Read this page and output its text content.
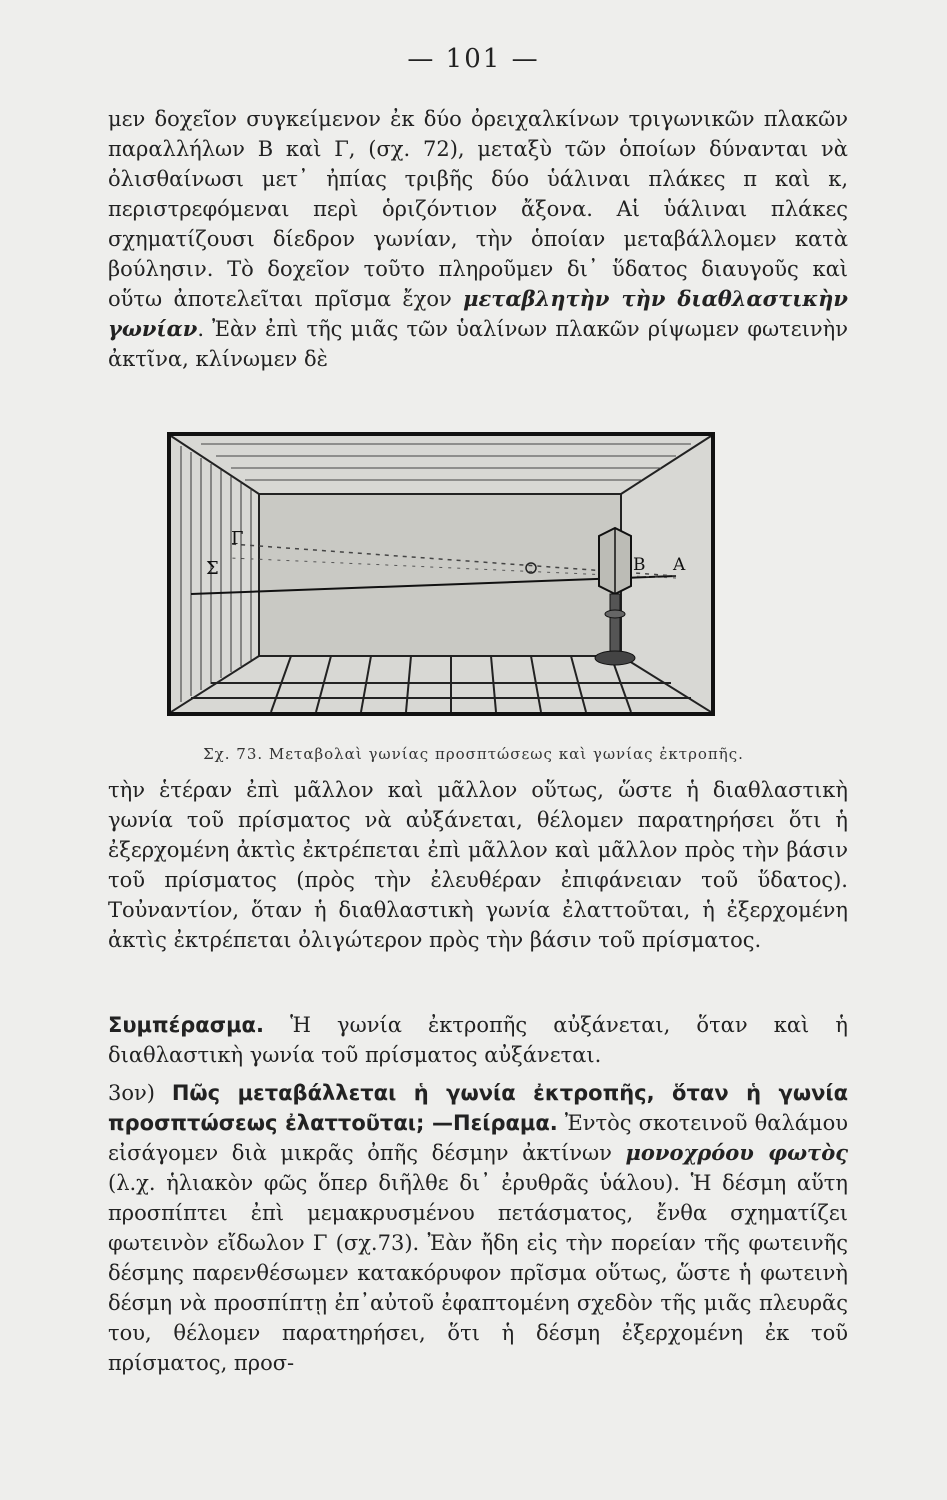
— 101 —

μεν δοχεῖον συγκείμενον ἐκ δύο ὀρειχαλκίνων τριγωνικῶν πλακῶν παραλλήλων Β καὶ Γ, (σχ. 72), μεταξὺ τῶν ὁποίων δύνανται νὰ ὀλισθαίνωσι μετ᾽ ἠπίας τριβῆς δύο ὑάλιναι πλάκες π καὶ κ, περιστρεφόμεναι περὶ ὁριζόντιον ἄξονα. Αἱ ὑάλιναι πλάκες σχηματίζουσι δίεδρον γωνίαν, τὴν ὁποίαν μεταβάλλομεν κατὰ βούλησιν. Τὸ δοχεῖον τοῦτο πληροῦμεν δι᾽ ὕδατος διαυγοῦς καὶ οὕτω ἀποτελεῖται πρῖσμα ἔχον μεταβλητὴν τὴν διαθλαστικὴν γωνίαν. Ἐὰν ἐπὶ τῆς μιᾶς τῶν ὑαλίνων πλακῶν ρίψωμεν φωτεινὴν ἀκτῖνα, κλίνωμεν δὲ

Σ
Γ
Β Α
Σχ. 73. Μεταβολαὶ γωνίας προσπτώσεως καὶ γωνίας ἐκτροπῆς.

τὴν ἑτέραν ἐπὶ μᾶλλον καὶ μᾶλλον οὕτως, ὥστε ἡ διαθλαστικὴ γωνία τοῦ πρίσματος νὰ αὐξάνεται, θέλομεν παρατηρήσει ὅτι ἡ ἐξερχομένη ἀκτὶς ἐκτρέπεται ἐπὶ μᾶλλον καὶ μᾶλλον πρὸς τὴν βάσιν τοῦ πρίσματος (πρὸς τὴν ἐλευθέραν ἐπιφάνειαν τοῦ ὕδατος). Τοὐναντίον, ὅταν ἡ διαθλαστικὴ γωνία ἐλαττοῦται, ἡ ἐξερχομένη ἀκτὶς ἐκτρέπεται ὀλιγώτερον πρὸς τὴν βάσιν τοῦ πρίσματος.

Συμπέρασμα. Ἡ γωνία ἐκτροπῆς αὐξάνεται, ὅταν καὶ ἡ διαθλαστικὴ γωνία τοῦ πρίσματος αὐξάνεται.

3ον) Πῶς μεταβάλλεται ἡ γωνία ἐκτροπῆς, ὅταν ἡ γωνία προσπτώσεως ἐλαττοῦται; —Πείραμα. Ἐντὸς σκοτεινοῦ θαλάμου εἰσάγομεν διὰ μικρᾶς ὀπῆς δέσμην ἀκτίνων μονοχρόου φωτὸς (λ.χ. ἡλιακὸν φῶς ὅπερ διῆλθε δι᾽ ἐρυθρᾶς ὑάλου). Ἡ δέσμη αὕτη προσπίπτει ἐπὶ μεμακρυσμένου πετάσματος, ἔνθα σχηματίζει φωτεινὸν εἴδωλον Γ (σχ.73). Ἐὰν ἤδη εἰς τὴν πορείαν τῆς φωτεινῆς δέσμης παρενθέσωμεν κατακόρυφον πρῖσμα οὕτως, ὥστε ἡ φωτεινὴ δέσμη νὰ προσπίπτῃ ἐπ᾽αὐτοῦ ἐφαπτομένη σχεδὸν τῆς μιᾶς πλευρᾶς του, θέλομεν παρατηρήσει, ὅτι ἡ δέσμη ἐξερχομένη ἐκ τοῦ πρίσματος, προσ-
